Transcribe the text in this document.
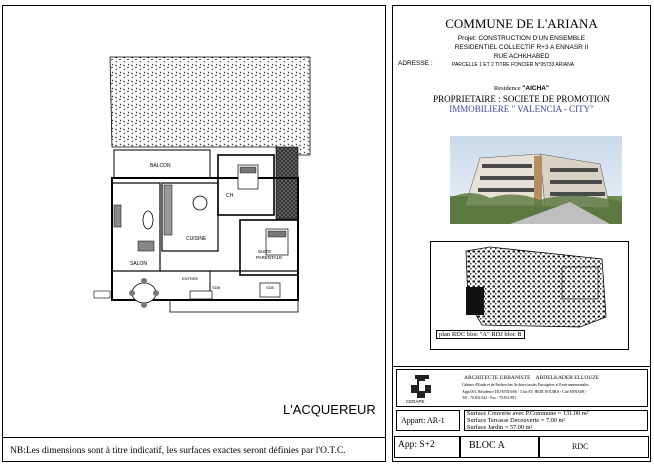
BALCON
CH
CUISINE
SUITE
PARENTALE
SALON
ENTREE
SDB	SDE
L'ACQUEREUR
NB:Les dimensions sont à titre indicatif, les surfaces exactes seront définies par l'O.T.C.
COMMUNE DE L'ARIANA
Projet: CONSTRUCTION D'UN ENSEMBLE
RESIDENTIEL COLLECTIF R+3 A ENNASR II
RUE ACHKHABED
ADRESSE :	PARCELLE 1 ET 2 TITRE FONCIER N°95733 ARIANA
Residence "AICHA"
PROPRIETAIRE : SOCIETE DE PROMOTION
IMMOBILIERE " VALENCIA - CITY"
plan RDC bloc "A" RDJ bloc B
CERAPE
ARCHITECTE URBANISTE    ABDELKADER ELLOUZE
Cabinet d'Etude et de Recherches Architecturales Paysagères et Environnementales
Appt 001, Résidence TEJ ENNASR - 5 bis AV. HEDI NOUIRA - Cité ENNASR -
Tél : 70.832.942 - Fax : 70.832.981
Appart: AR-1
Surface Couverte avec P.Commune = 131.00 m²
Surface Terrasse Decouverte = 7.00 m²
Surface Jardin = 57.00 m²
App: S+2	BLOC A	RDC
